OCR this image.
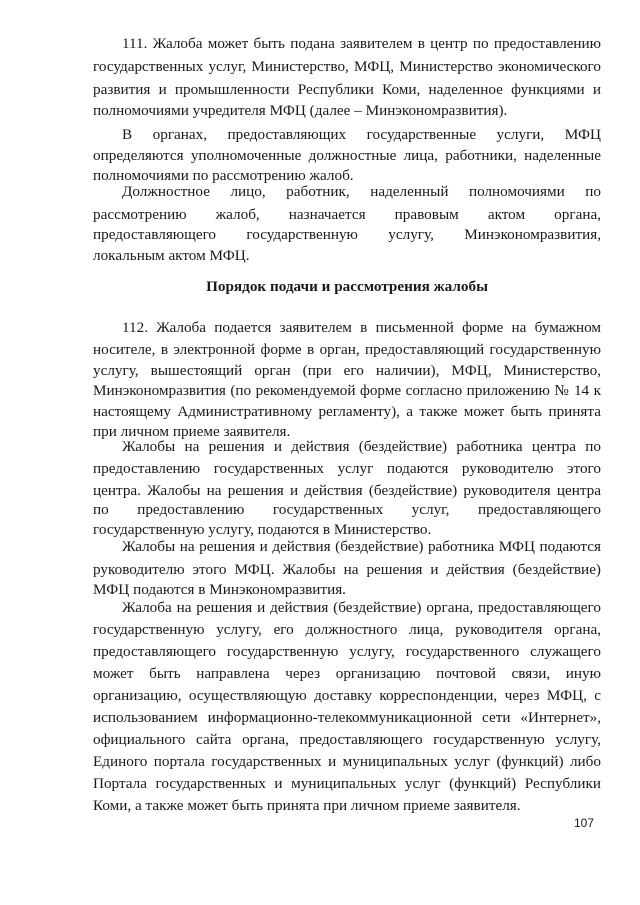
111. Жалоба может быть подана заявителем в центр по предоставлению
государственных услуг, Министерство, МФЦ, Министерство экономического
развития и промышленности Республики Коми, наделенное функциями и
полномочиями учредителя МФЦ (далее – Минэкономразвития).
В органах, предоставляющих государственные услуги, МФЦ
определяются уполномоченные должностные лица, работники, наделенные
полномочиями по рассмотрению жалоб.
Должностное лицо, работник, наделенный полномочиями по
рассмотрению жалоб, назначается правовым актом органа,
предоставляющего государственную услугу, Минэкономразвития,
локальным актом МФЦ.
Порядок подачи и рассмотрения жалобы
112. Жалоба подается заявителем в письменной форме на бумажном
носителе, в электронной форме в орган, предоставляющий государственную
услугу, вышестоящий орган (при его наличии), МФЦ, Министерство,
Минэкономразвития (по рекомендуемой форме согласно приложению № 14 к
настоящему Административному регламенту), а также может быть принята
при личном приеме заявителя.
Жалобы на решения и действия (бездействие) работника центра по
предоставлению государственных услуг подаются руководителю этого
центра. Жалобы на решения и действия (бездействие) руководителя центра
по предоставлению государственных услуг, предоставляющего
государственную услугу, подаются в Министерство.
Жалобы на решения и действия (бездействие) работника МФЦ подаются
руководителю этого МФЦ. Жалобы на решения и действия (бездействие)
МФЦ подаются в Минэкономразвития.
Жалоба на решения и действия (бездействие) органа, предоставляющего
государственную услугу, его должностного лица, руководителя органа,
предоставляющего государственную услугу, государственного служащего
может быть направлена через организацию почтовой связи, иную
организацию, осуществляющую доставку корреспонденции, через МФЦ, с
использованием информационно-телекоммуникационной сети «Интернет»,
официального сайта органа, предоставляющего государственную услугу,
Единого портала государственных и муниципальных услуг (функций) либо
Портала государственных и муниципальных услуг (функций) Республики
Коми, а также может быть принята при личном приеме заявителя.
107
